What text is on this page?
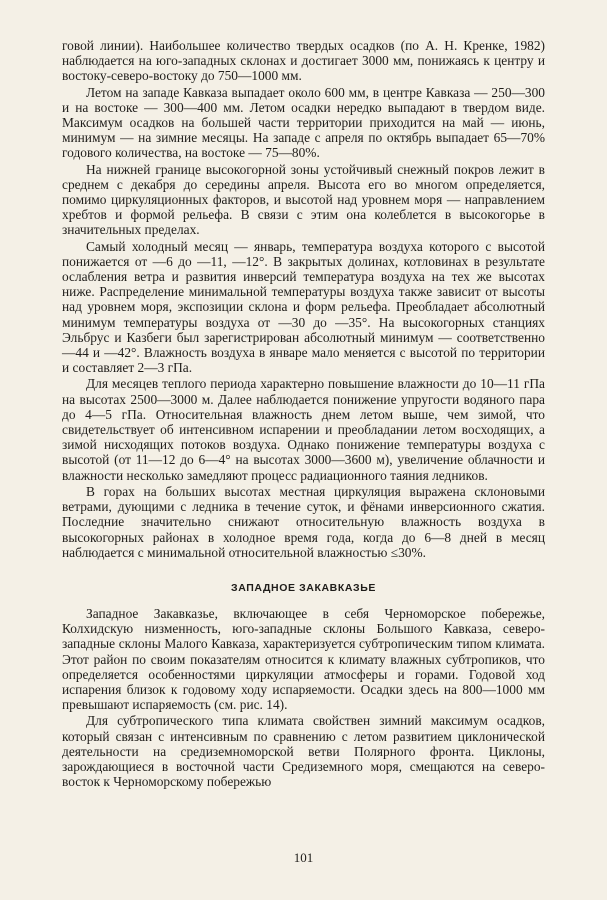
говой линии). Наибольшее количество твердых осадков (по А. Н. Кренке, 1982) наблюдается на юго-западных склонах и достигает 3000 мм, понижаясь к центру и востоку-северо-востоку до 750—1000 мм.

Летом на западе Кавказа выпадает около 600 мм, в центре Кавказа — 250—300 и на востоке — 300—400 мм. Летом осадки нередко выпадают в твердом виде. Максимум осадков на большей части территории приходится на май — июнь, минимум — на зимние месяцы. На западе с апреля по октябрь выпадает 65—70% годового количества, на востоке — 75—80%.

На нижней границе высокогорной зоны устойчивый снежный покров лежит в среднем с декабря до середины апреля. Высота его во многом определяется, помимо циркуляционных факторов, и высотой над уровнем моря — направлением хребтов и формой рельефа. В связи с этим она колеблется в высокогорье в значительных пределах.

Самый холодный месяц — январь, температура воздуха которого с высотой понижается от —6 до —11, —12°. В закрытых долинах, котловинах в результате ослабления ветра и развития инверсий температура воздуха на тех же высотах ниже. Распределение минимальной температуры воздуха также зависит от высоты над уровнем моря, экспозиции склона и форм рельефа. Преобладает абсолютный минимум температуры воздуха от —30 до —35°. На высокогорных станциях Эльбрус и Казбеги был зарегистрирован абсолютный минимум — соответственно —44 и —42°. Влажность воздуха в январе мало меняется с высотой по территории и составляет 2—3 гПа.

Для месяцев теплого периода характерно повышение влажности до 10—11 гПа на высотах 2500—3000 м. Далее наблюдается понижение упругости водяного пара до 4—5 гПа. Относительная влажность днем летом выше, чем зимой, что свидетельствует об интенсивном испарении и преобладании летом восходящих, а зимой нисходящих потоков воздуха. Однако понижение температуры воздуха с высотой (от 11—12 до 6—4° на высотах 3000—3600 м), увеличение облачности и влажности несколько замедляют процесс радиационного таяния ледников.

В горах на больших высотах местная циркуляция выражена склоновыми ветрами, дующими с ледника в течение суток, и фёнами инверсионного сжатия. Последние значительно снижают относительную влажность воздуха в высокогорных районах в холодное время года, когда до 6—8 дней в месяц наблюдается с минимальной относительной влажностью ≤30%.

ЗАПАДНОЕ ЗАКАВКАЗЬЕ

Западное Закавказье, включающее в себя Черноморское побережье, Колхидскую низменность, юго-западные склоны Большого Кавказа, северо-западные склоны Малого Кавказа, характеризуется субтропическим типом климата. Этот район по своим показателям относится к климату влажных субтропиков, что определяется особенностями циркуляции атмосферы и горами. Годовой ход испарения близок к годовому ходу испаряемости. Осадки здесь на 800—1000 мм превышают испаряемость (см. рис. 14).

Для субтропического типа климата свойствен зимний максимум осадков, который связан с интенсивным по сравнению с летом развитием циклонической деятельности на средиземноморской ветви Полярного фронта. Циклоны, зарождающиеся в восточной части Средиземного моря, смещаются на северо-восток к Черноморскому побережью

101
